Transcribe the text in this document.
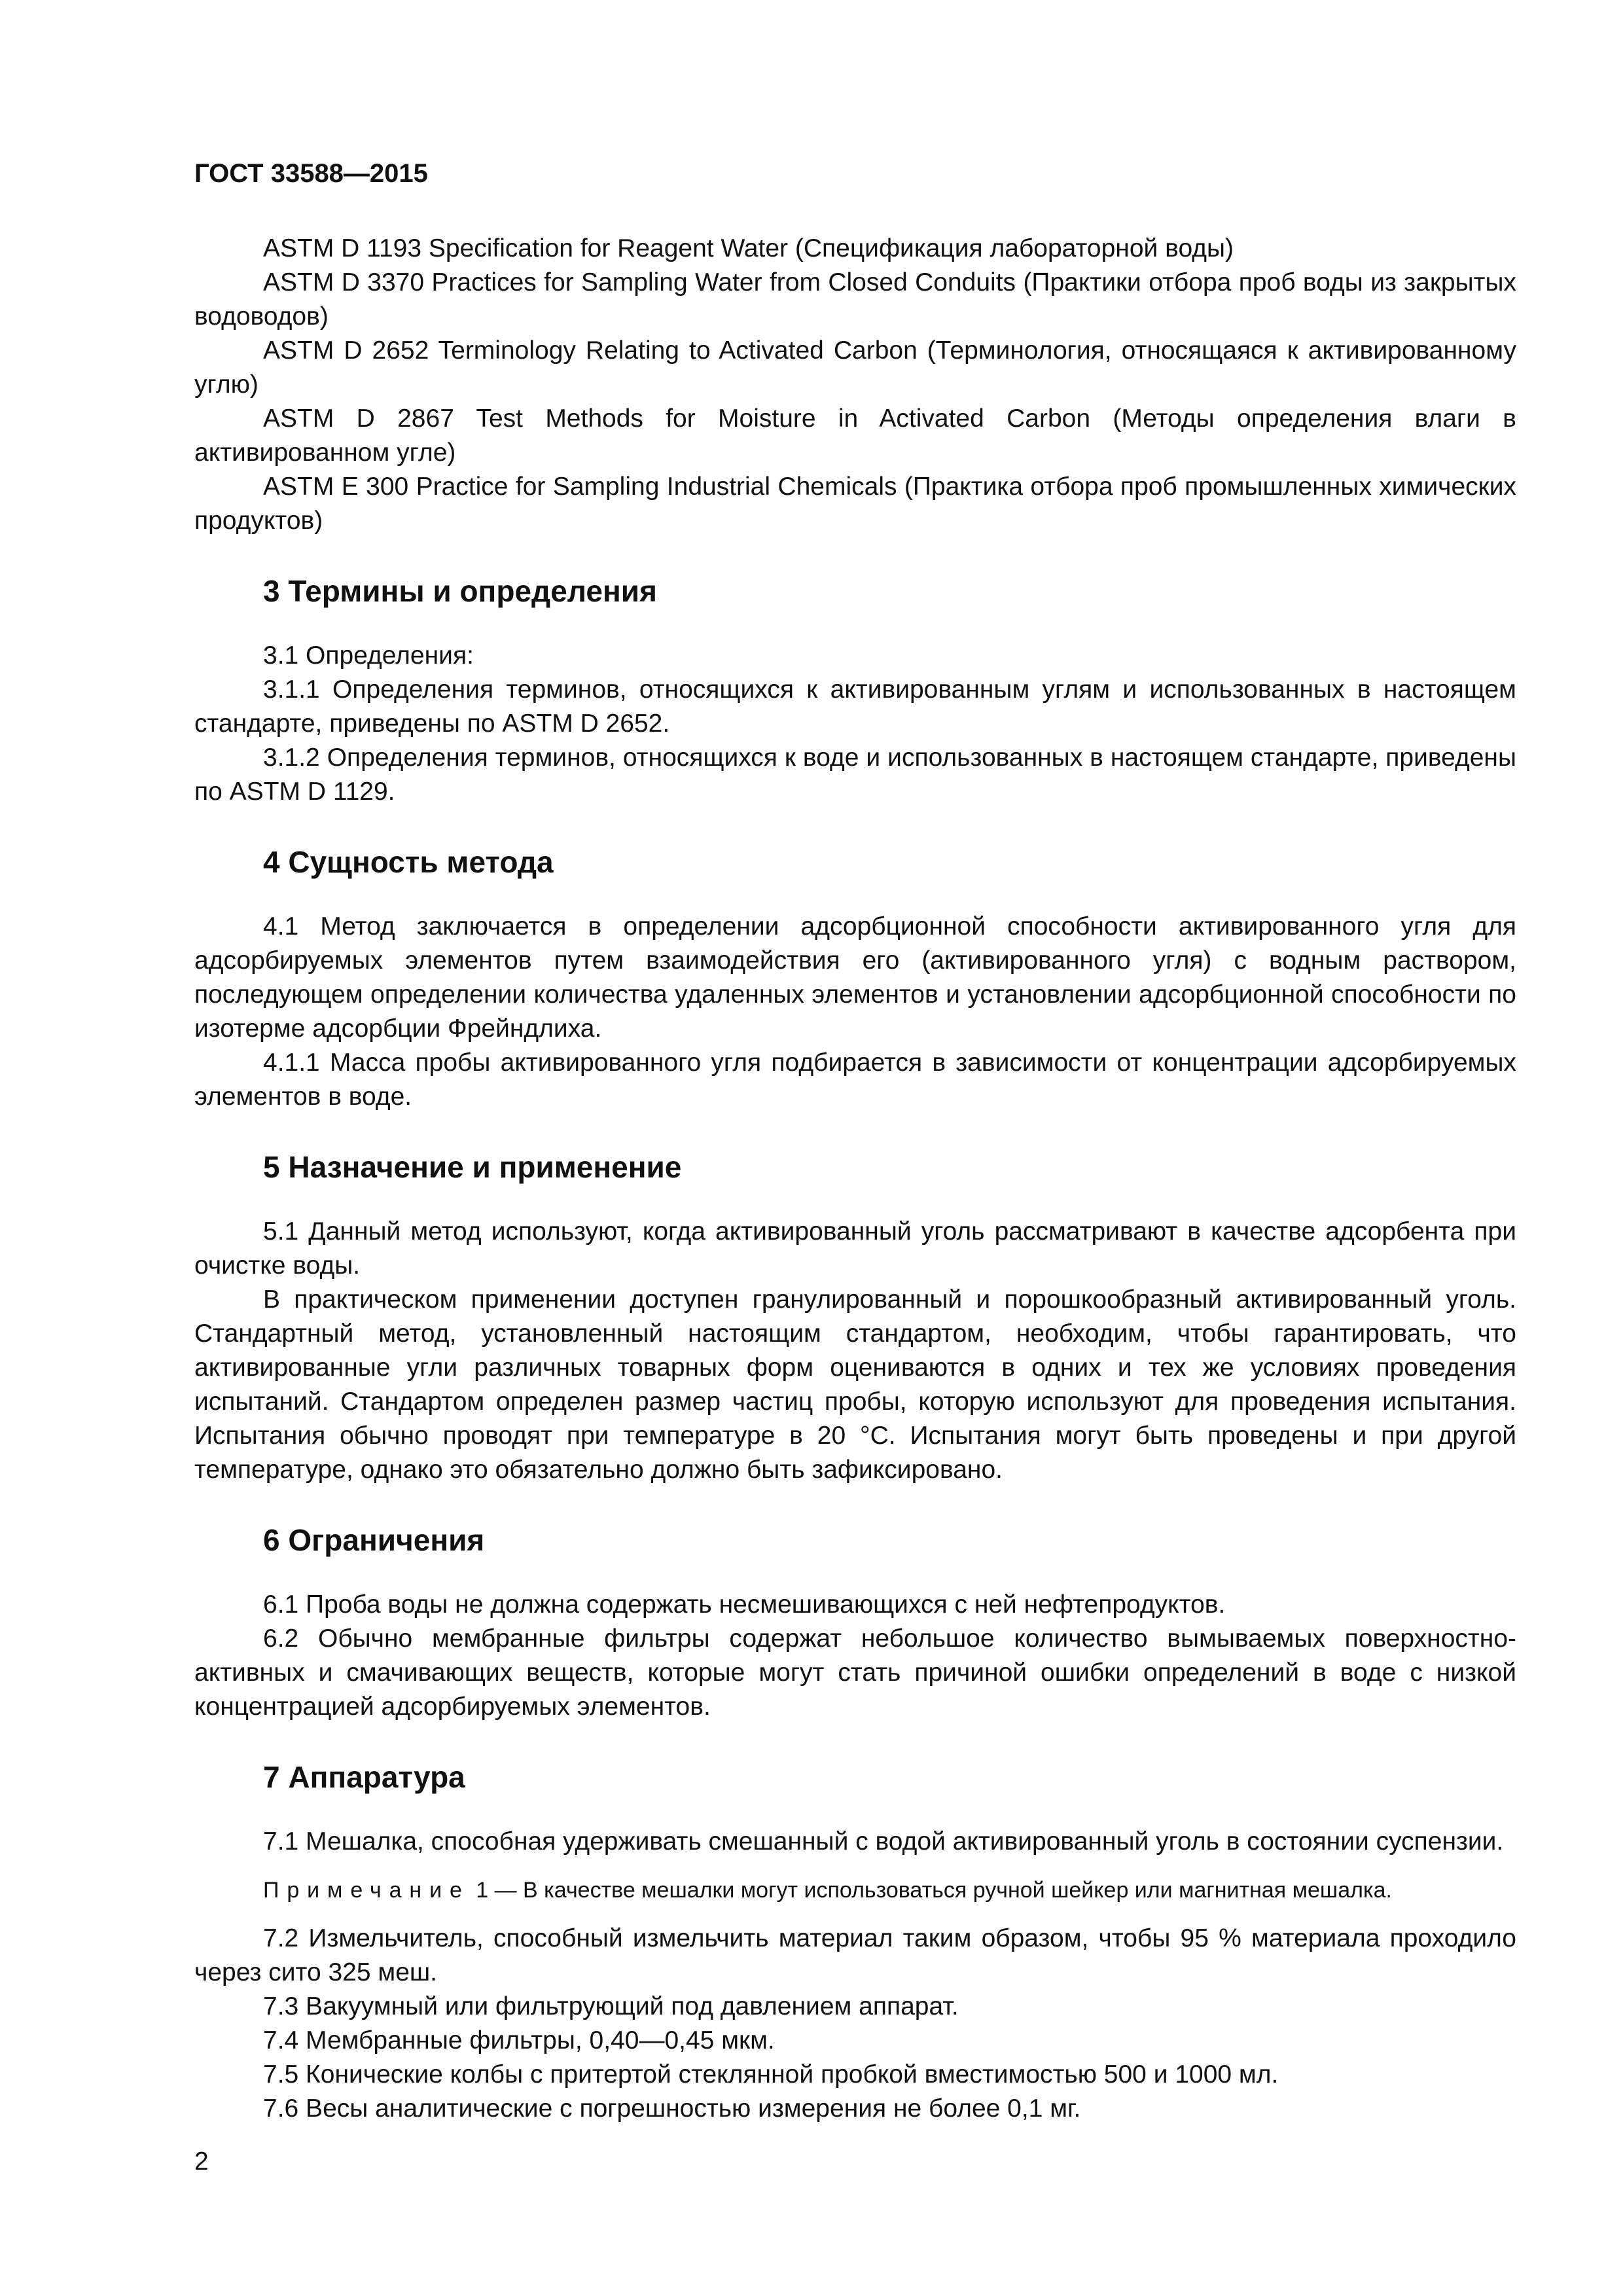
ГОСТ 33588—2015

ASTM D 1193 Specification for Reagent Water (Спецификация лабораторной воды)

ASTM D 3370 Practices for Sampling Water from Closed Conduits (Практики отбора проб воды из закрытых водоводов)

ASTM D 2652 Terminology Relating to Activated Carbon (Терминология, относящаяся к активированному углю)

ASTM D 2867 Test Methods for Moisture in Activated Carbon (Методы определения влаги в активированном угле)

ASTM E 300 Practice for Sampling Industrial Chemicals (Практика отбора проб промышленных химических продуктов)

3 Термины и определения

3.1 Определения:

3.1.1 Определения терминов, относящихся к активированным углям и использованных в настоящем стандарте, приведены по ASTM D 2652.

3.1.2 Определения терминов, относящихся к воде и использованных в настоящем стандарте, приведены по ASTM D 1129.

4 Сущность метода

4.1 Метод заключается в определении адсорбционной способности активированного угля для адсорбируемых элементов путем взаимодействия его (активированного угля) с водным раствором, последующем определении количества удаленных элементов и установлении адсорбционной способности по изотерме адсорбции Фрейндлиха.

4.1.1 Масса пробы активированного угля подбирается в зависимости от концентрации адсорбируемых элементов в воде.

5 Назначение и применение

5.1 Данный метод используют, когда активированный уголь рассматривают в качестве адсорбента при очистке воды.

В практическом применении доступен гранулированный и порошкообразный активированный уголь. Стандартный метод, установленный настоящим стандартом, необходим, чтобы гарантировать, что активированные угли различных товарных форм оцениваются в одних и тех же условиях проведения испытаний. Стандартом определен размер частиц пробы, которую используют для проведения испытания. Испытания обычно проводят при температуре в 20 °С. Испытания могут быть проведены и при другой температуре, однако это обязательно должно быть зафиксировано.

6 Ограничения

6.1 Проба воды не должна содержать несмешивающихся с ней нефтепродуктов.

6.2 Обычно мембранные фильтры содержат небольшое количество вымываемых поверхностно-активных и смачивающих веществ, которые могут стать причиной ошибки определений в воде с низкой концентрацией адсорбируемых элементов.

7 Аппаратура

7.1 Мешалка, способная удерживать смешанный с водой активированный уголь в состоянии суспензии.

Примечание 1 — В качестве мешалки могут использоваться ручной шейкер или магнитная мешалка.

7.2 Измельчитель, способный измельчить материал таким образом, чтобы 95 % материала проходило через сито 325 меш.

7.3 Вакуумный или фильтрующий под давлением аппарат.

7.4 Мембранные фильтры, 0,40—0,45 мкм.

7.5 Конические колбы с притертой стеклянной пробкой вместимостью 500 и 1000 мл.

7.6 Весы аналитические с погрешностью измерения не более 0,1 мг.

2
